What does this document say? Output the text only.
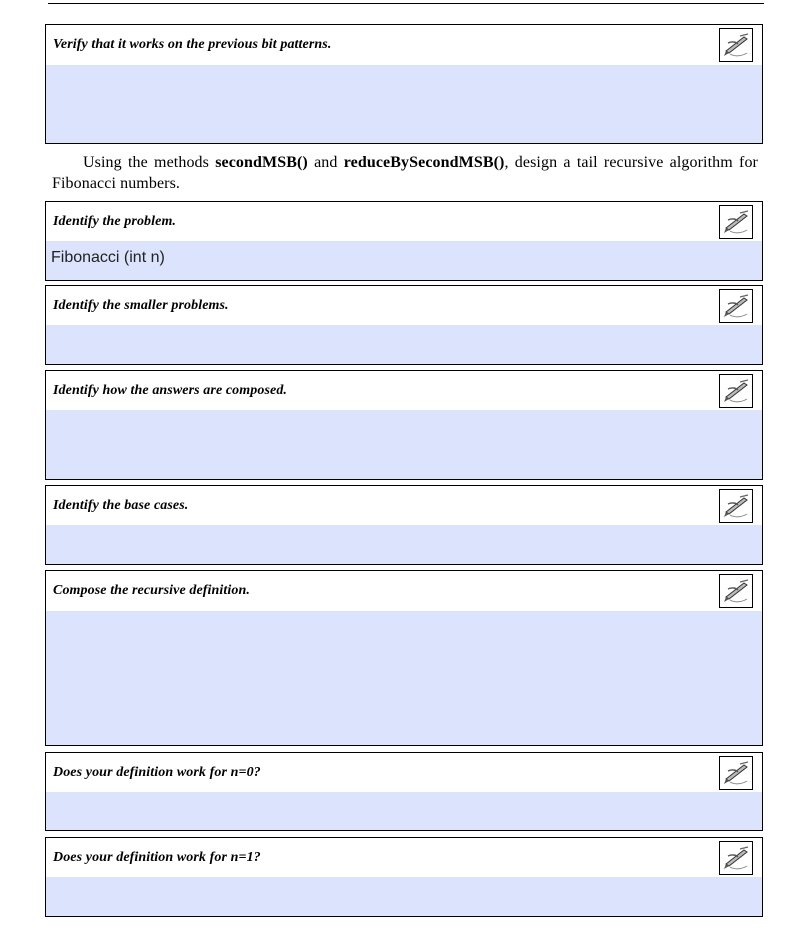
Verify that it works on the previous bit patterns.

Using the methods secondMSB() and reduceBySecondMSB(), design a tail recursive algorithm for Fibonacci numbers.

Identify the problem.
Fibonacci (int n)
Identify the smaller problems.
Identify how the answers are composed.
Identify the base cases.
Compose the recursive definition.
Does your definition work for n=0?
Does your definition work for n=1?
